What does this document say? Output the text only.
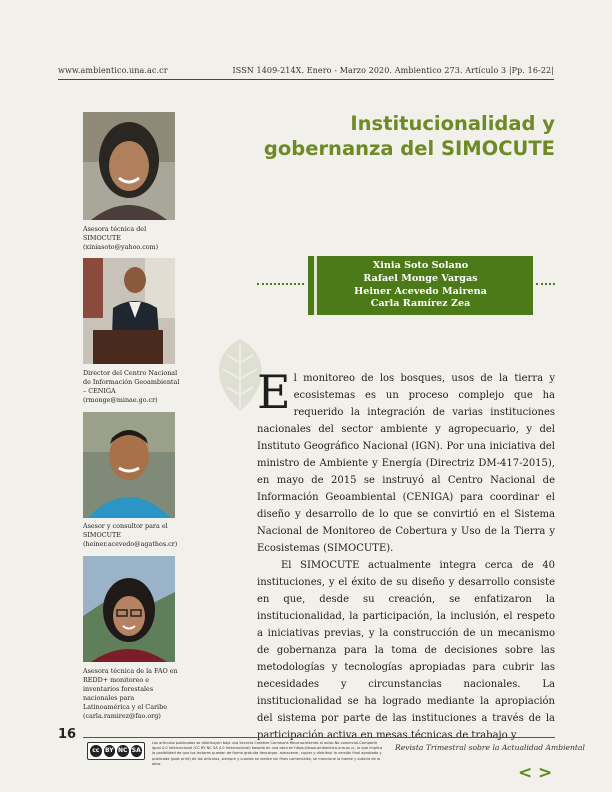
www.ambientico.una.ac.cr	ISSN 1409-214X. Enero - Marzo 2020. Ambientico 273. Artículo 3 |Pp. 16-22|
Institucionalidad y gobernanza del SIMOCUTE
Asesora técnica del SIMOCUTE (xiniasoto@yahoo.com)
Director del Centro Nacional de Información Geoambiental – CENIGA (rmonge@minae.go.cr)
Asesor y consultor para el SIMOCUTE (heiner.acevedo@agathos.cr)
Asesora técnica de la FAO en REDD+ monitoreo e inventarios forestales nacionales para Latinoamérica y el Caribe (carla.ramirez@fao.org)
Xinia Soto Solano
Rafael Monge Vargas
Heiner Acevedo Mairena
Carla Ramírez Zea

El monitoreo de los bosques, usos de la tierra y ecosistemas es un proceso complejo que ha requerido la integración de varias instituciones nacionales del sector ambiente y agropecuario, y del Instituto Geográfico Nacional (IGN). Por una iniciativa del ministro de Ambiente y Energía (Directriz DM-417-2015), en mayo de 2015 se instruyó al Centro Nacional de Información Geoambiental (CENIGA) para coordinar el diseño y desarrollo de lo que se convirtió en el Sistema Nacional de Monitoreo de Cobertura y Uso de la Tierra y Ecosistemas (SIMOCUTE).

El SIMOCUTE actualmente integra cerca de 40 instituciones, y el éxito de su diseño y desarrollo consiste en que, desde su creación, se enfatizaron la institucionalidad, la participación, la inclusión, el respeto a iniciativas previas, y la construcción de un mecanismo de gobernanza para la toma de decisiones sobre las metodologías y tecnologías apropiadas para cubrir las necesidades y circunstancias nacionales. La institucionalidad se ha logrado mediante la apropiación del sistema por parte de las instituciones a través de la participación activa en mesas técnicas de trabajo y

16
cc BY NC SA
Los artículos publicados se distribuyen bajo una licencia Creative Commons Reconocimiento al autor-No comercial-Compartir igual 4.0 Internacional (CC BY NC SA 4.0 Internacional) basada en una obra en https://www.ambientico.una.ac.cr, lo que implica la posibilidad de que los lectores puedan de forma gratuita descargar, almacenar, copiar y distribuir la versión final aprobada y publicada (post print) de los artículos, siempre y cuando se realice sin fines comerciales, se mencione la fuente y autoría de la obra.
Revista Trimestral sobre la Actualidad Ambiental
< >
